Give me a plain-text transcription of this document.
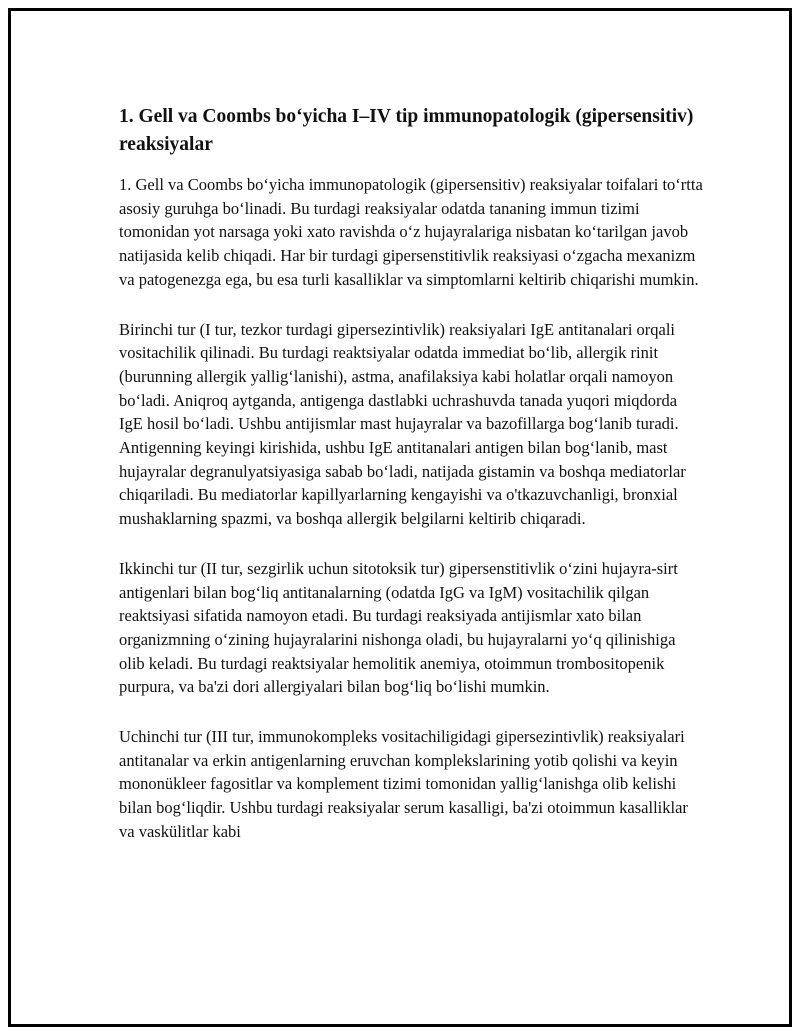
1. Gell va Coombs bo‘yicha I–IV tip immunopatologik (gipersensitiv) reaksiyalar

1. Gell va Coombs bo‘yicha immunopatologik (gipersensitiv) reaksiyalar toifalari to‘rtta asosiy guruhga bo‘linadi. Bu turdagi reaksiyalar odatda tananing immun tizimi tomonidan yot narsaga yoki xato ravishda o‘z hujayralariga nisbatan ko‘tarilgan javob natijasida kelib chiqadi. Har bir turdagi gipersenstitivlik reaksiyasi o‘zgacha mexanizm va patogenezga ega, bu esa turli kasalliklar va simptomlarni keltirib chiqarishi mumkin.

Birinchi tur (I tur, tezkor turdagi gipersezintivlik) reaksiyalari IgE antitanalari orqali vositachilik qilinadi. Bu turdagi reaktsiyalar odatda immediat bo‘lib, allergik rinit (burunning allergik yallig‘lanishi), astma, anafilaksiya kabi holatlar orqali namoyon bo‘ladi. Aniqroq aytganda, antigenga dastlabki uchrashuvda tanada yuqori miqdorda IgE hosil bo‘ladi. Ushbu antijismlar mast hujayralar va bazofillarga bog‘lanib turadi. Antigenning keyingi kirishida, ushbu IgE antitanalari antigen bilan bog‘lanib, mast hujayralar degranulyatsiyasiga sabab bo‘ladi, natijada gistamin va boshqa mediatorlar chiqariladi. Bu mediatorlar kapillyarlarning kengayishi va o'tkazuvchanligi, bronxial mushaklarning spazmi, va boshqa allergik belgilarni keltirib chiqaradi.

Ikkinchi tur (II tur, sezgirlik uchun sitotoksik tur) gipersenstitivlik o‘zini hujayra-sirt antigenlari bilan bog‘liq antitanalarning (odatda IgG va IgM) vositachilik qilgan reaktsiyasi sifatida namoyon etadi. Bu turdagi reaksiyada antijismlar xato bilan organizmning o‘zining hujayralarini nishonga oladi, bu hujayralarni yo‘q qilinishiga olib keladi. Bu turdagi reaktsiyalar hemolitik anemiya, otoimmun trombositopenik purpura, va ba'zi dori allergiyalari bilan bog‘liq bo‘lishi mumkin.

Uchinchi tur (III tur, immunokompleks vositachiligidagi gipersezintivlik) reaksiyalari antitanalar va erkin antigenlarning eruvchan komplekslarining yotib qolishi va keyin mononükleer fagositlar va komplement tizimi tomonidan yallig‘lanishga olib kelishi bilan bog‘liqdir. Ushbu turdagi reaksiyalar serum kasalligi, ba'zi otoimmun kasalliklar va vaskülitlar kabi
